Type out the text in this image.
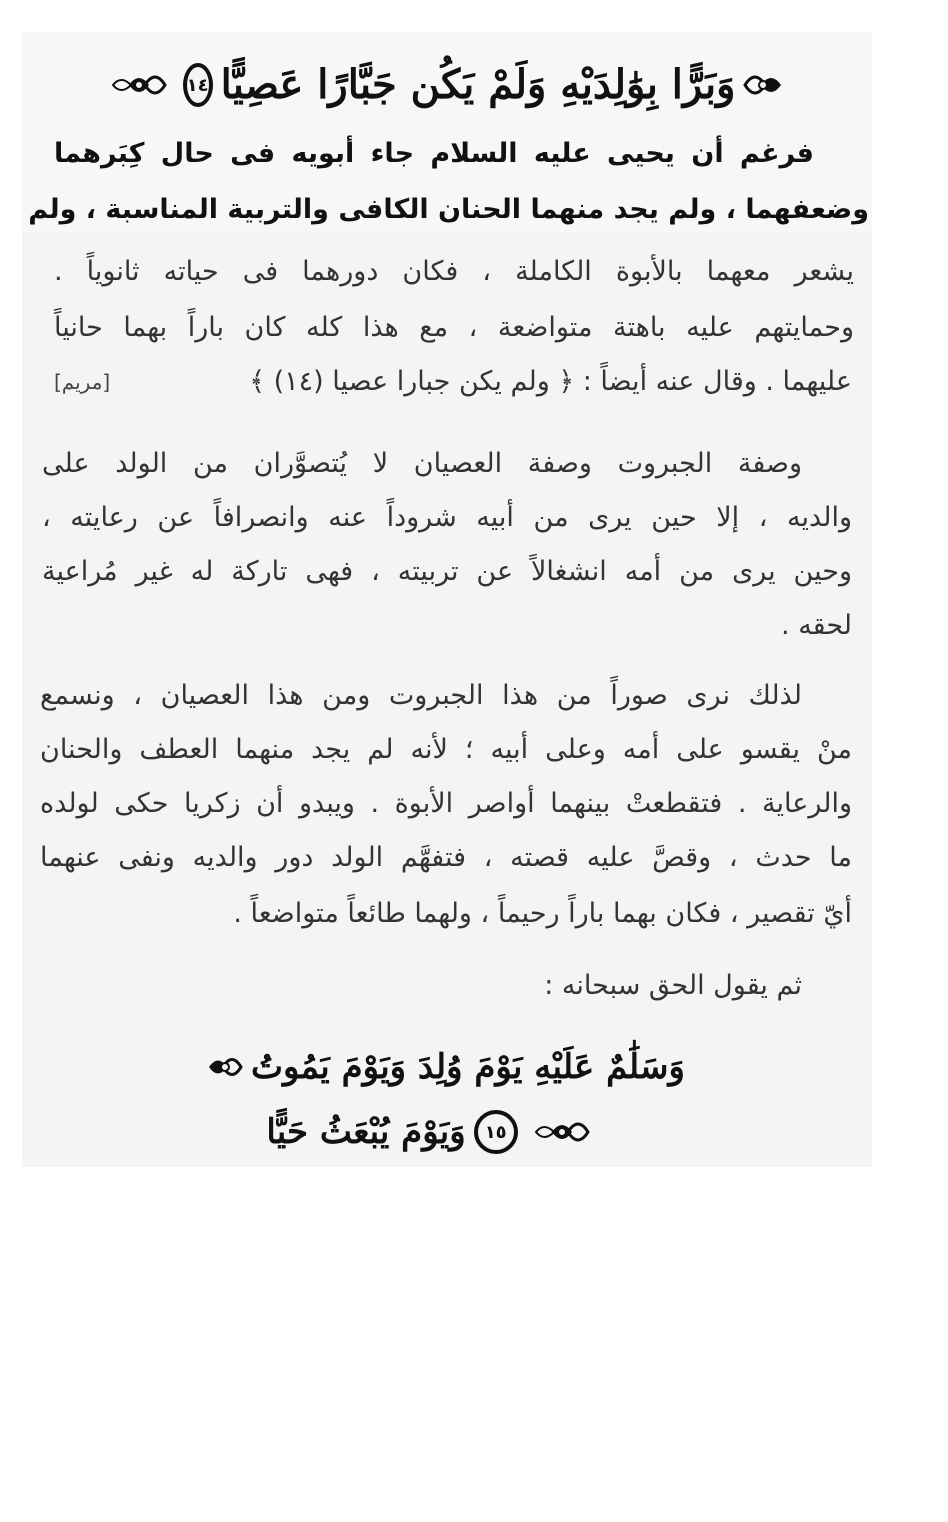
وَبَرًّا بِوَٰلِدَيْهِ وَلَمْ يَكُن جَبَّارًا عَصِيًّا
١٤
فرغم أن يحيى عليه السلام جاء أبويه فى حال كِبَرهما
وضعفهما ، ولم يجد منهما الحنان الكافى والتربية المناسبة ، ولم
يشعر معهما بالأبوة الكاملة ، فكان دورهما فى حياته ثانوياً .
وحمايتهم عليه باهتة متواضعة ، مع هذا كله كان باراً بهما حانياً
عليهما . وقال عنه أيضاً : ﴿ ولم يكن جبارا عصيا (١٤) ﴾
[مريم]
وصفة الجبروت وصفة العصيان لا يُتصوَّران من الولد على
والديه ، إلا حين يرى من أبيه شروداً عنه وانصرافاً عن رعايته ،
وحين يرى من أمه انشغالاً عن تربيته ، فهى تاركة له غير مُراعية
لحقه .
لذلك نرى صوراً من هذا الجبروت ومن هذا العصيان ، ونسمع
منْ يقسو على أمه وعلى أبيه ؛ لأنه لم يجد منهما العطف والحنان
والرعاية . فتقطعتْ بينهما أواصر الأبوة . ويبدو أن زكريا حكى لولده
ما حدث ، وقصَّ عليه قصته ، فتفهَّم الولد دور والديه ونفى عنهما
أيّ تقصير ، فكان بهما باراً رحيماً ، ولهما طائعاً متواضعاً .
ثم يقول الحق سبحانه :
وَسَلَٰمٌ عَلَيْهِ يَوْمَ وُلِدَ وَيَوْمَ يَمُوتُ
١٥
وَيَوْمَ يُبْعَثُ حَيًّا
